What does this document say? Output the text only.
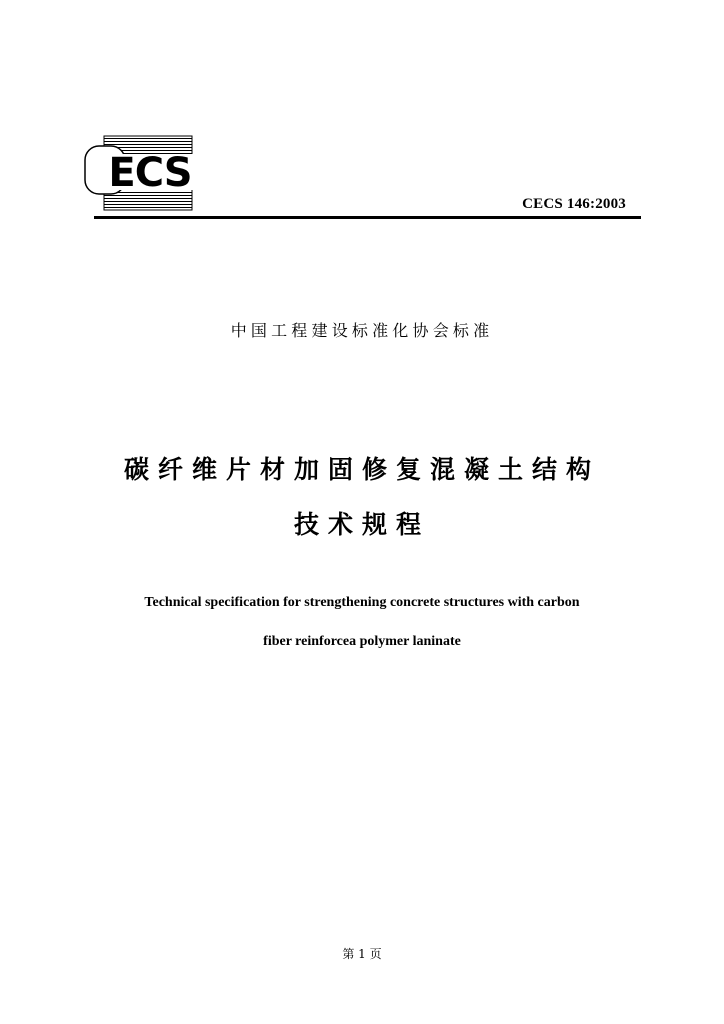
ECS
CECS 146:2003
中国工程建设标准化协会标准
碳纤维片材加固修复混凝土结构
技术规程
Technical specification for strengthening concrete structures with carbon
fiber reinforcea polymer laninate
第 1 页
